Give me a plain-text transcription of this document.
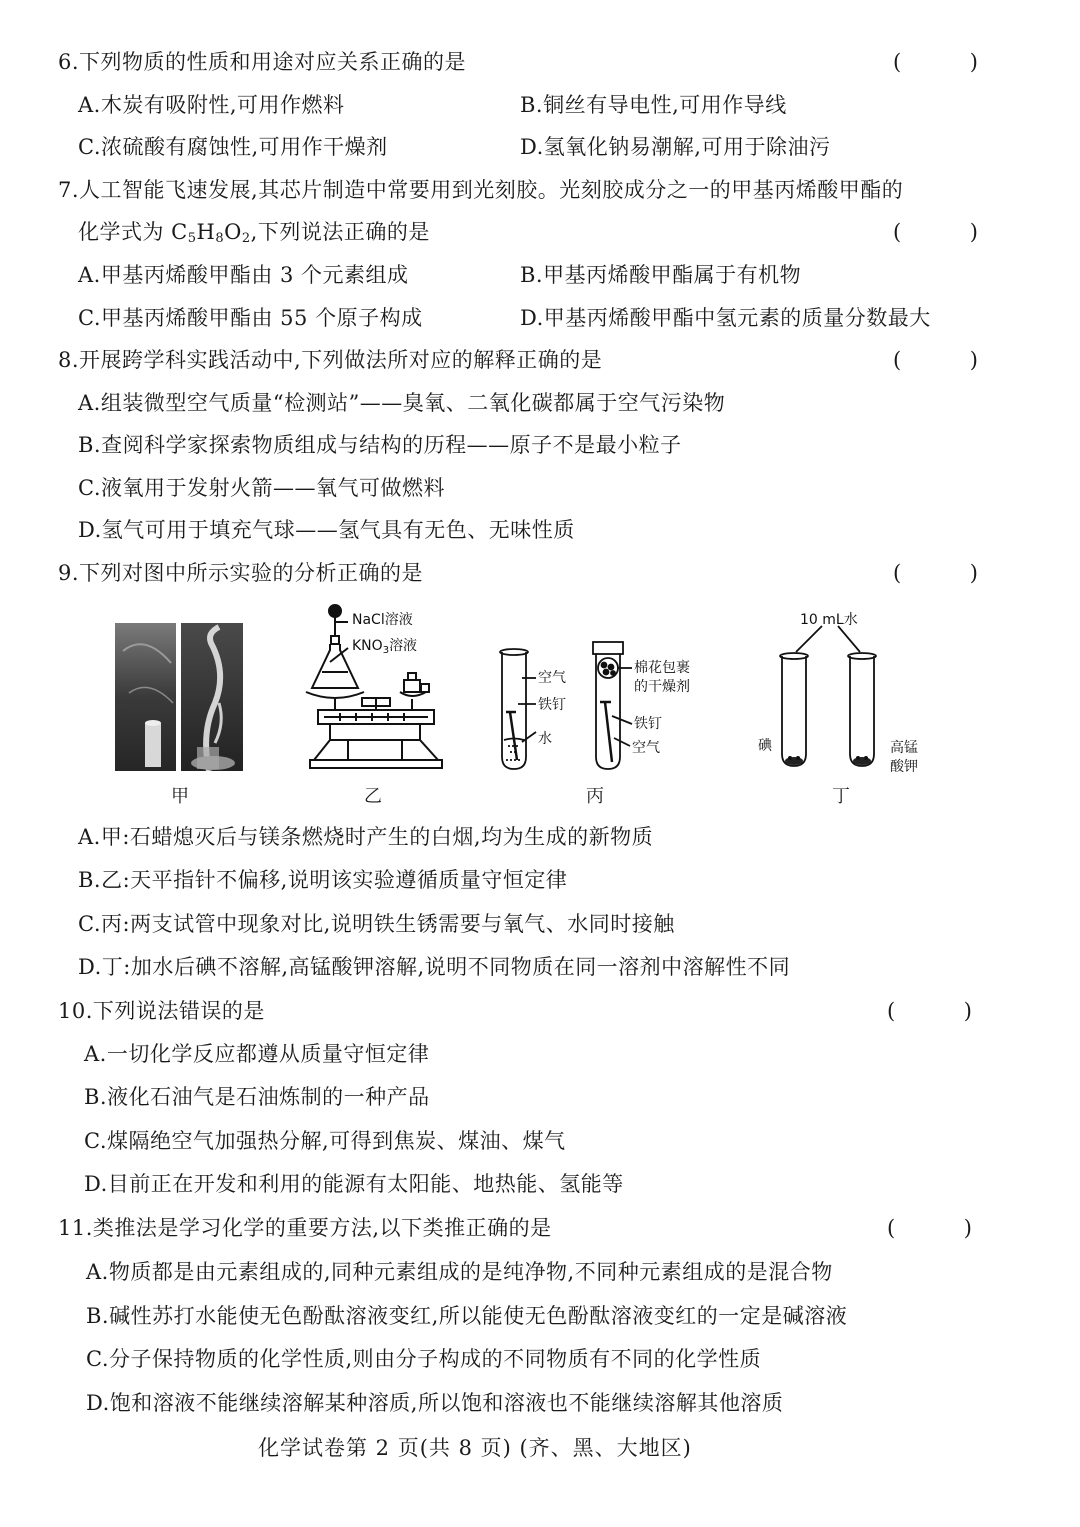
6.下列物质的性质和用途对应关系正确的是	(	)
A.木炭有吸附性,可用作燃料	B.铜丝有导电性,可用作导线
C.浓硫酸有腐蚀性,可用作干燥剂	D.氢氧化钠易潮解,可用于除油污
7.人工智能飞速发展,其芯片制造中常要用到光刻胶。光刻胶成分之一的甲基丙烯酸甲酯的
化学式为 $C_5H_8O_2$,下列说法正确的是	(	)
A.甲基丙烯酸甲酯由 3 个元素组成	B.甲基丙烯酸甲酯属于有机物
C.甲基丙烯酸甲酯由 55 个原子构成	D.甲基丙烯酸甲酯中氢元素的质量分数最大
8.开展跨学科实践活动中,下列做法所对应的解释正确的是	(	)
A.组装微型空气质量“检测站”——臭氧、二氧化碳都属于空气污染物
B.查阅科学家探索物质组成与结构的历程——原子不是最小粒子
C.液氧用于发射火箭——氧气可做燃料
D.氢气可用于填充气球——氢气具有无色、无味性质
9.下列对图中所示实验的分析正确的是	(	)
NaCl溶液
$KNO_3$溶液
空气
铁钉
水
棉花包裹
的干燥剂
铁钉
空气
10 mL水
碘	高锰
酸钾
甲	乙	丙	丁
A.甲:石蜡熄灭后与镁条燃烧时产生的白烟,均为生成的新物质
B.乙:天平指针不偏移,说明该实验遵循质量守恒定律
C.丙:两支试管中现象对比,说明铁生锈需要与氧气、水同时接触
D.丁:加水后碘不溶解,高锰酸钾溶解,说明不同物质在同一溶剂中溶解性不同
10.下列说法错误的是	(	)
A.一切化学反应都遵从质量守恒定律
B.液化石油气是石油炼制的一种产品
C.煤隔绝空气加强热分解,可得到焦炭、煤油、煤气
D.目前正在开发和利用的能源有太阳能、地热能、氢能等
11.类推法是学习化学的重要方法,以下类推正确的是	(	)
A.物质都是由元素组成的,同种元素组成的是纯净物,不同种元素组成的是混合物
B.碱性苏打水能使无色酚酞溶液变红,所以能使无色酚酞溶液变红的一定是碱溶液
C.分子保持物质的化学性质,则由分子构成的不同物质有不同的化学性质
D.饱和溶液不能继续溶解某种溶质,所以饱和溶液也不能继续溶解其他溶质
化学试卷第 2 页(共 8 页) (齐、黑、大地区)
